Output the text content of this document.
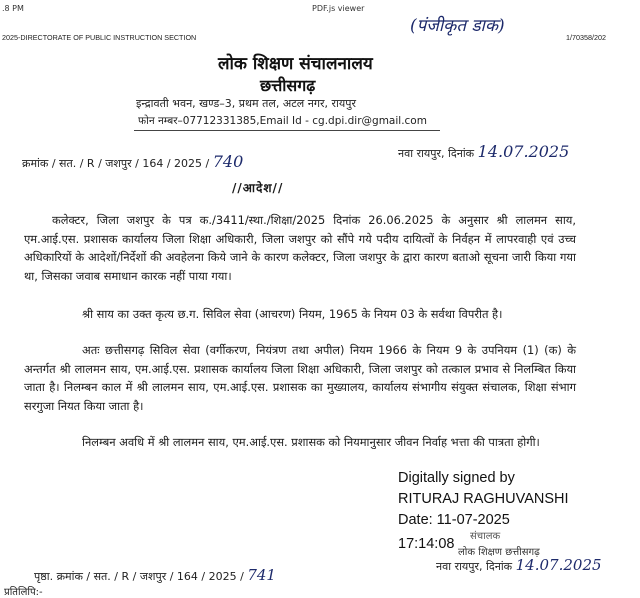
.8 PM	PDF.js viewer
2025-DIRECTORATE OF PUBLIC INSTRUCTION SECTION
(पंजीकृत डाक)
1/70358/202
लोक शिक्षण संचालनालय
छत्तीसगढ़
इन्द्रावती भवन, खण्ड–3, प्रथम तल, अटल नगर, रायपुर
फोन नम्बर–07712331385,Email Id - cg.dpi.dir@gmail.com
क्रमांक / सत. / R / जशपुर / 164 / 2025 / 740	नवा रायपुर, दिनांक 14.07.2025
//आदेश//
कलेक्टर, जिला जशपुर के पत्र क./3411/स्था./शिक्षा/2025 दिनांक 26.06.2025 के अनुसार श्री लालमन साय, एम.आई.एस. प्रशासक कार्यालय जिला शिक्षा अधिकारी, जिला जशपुर को सौंपे गये पदीय दायित्वों के निर्वहन में लापरवाही एवं उच्च अधिकारियों के आदेशों/निर्देशों की अवहेलना किये जाने के कारण कलेक्टर, जिला जशपुर के द्वारा कारण बताओ सूचना जारी किया गया था, जिसका जवाब समाधान कारक नहीं पाया गया।
श्री साय का उक्त कृत्य छ.ग. सिविल सेवा (आचरण) नियम, 1965 के नियम 03 के सर्वथा विपरीत है।
अतः छत्तीसगढ़ सिविल सेवा (वर्गीकरण, नियंत्रण तथा अपील) नियम 1966 के नियम 9 के उपनियम (1) (क) के अन्तर्गत श्री लालमन साय, एम.आई.एस. प्रशासक कार्यालय जिला शिक्षा अधिकारी, जिला जशपुर को तत्काल प्रभाव से निलम्बित किया जाता है। निलम्बन काल में श्री लालमन साय, एम.आई.एस. प्रशासक का मुख्यालय, कार्यालय संभागीय संयुक्त संचालक, शिक्षा संभाग सरगुजा नियत किया जाता है।
निलम्बन अवधि में श्री लालमन साय, एम.आई.एस. प्रशासक को नियमानुसार जीवन निर्वाह भत्ता की पात्रता होगी।
Digitally signed by
RITURAJ RAGHUVANSHI
Date: 11-07-2025
17:14:08 संचालक
लोक शिक्षण छत्तीसगढ़
नवा रायपुर, दिनांक 14.07.2025
पृष्ठा. क्रमांक / सत. / R / जशपुर / 164 / 2025 / 741
प्रतिलिपि:-
